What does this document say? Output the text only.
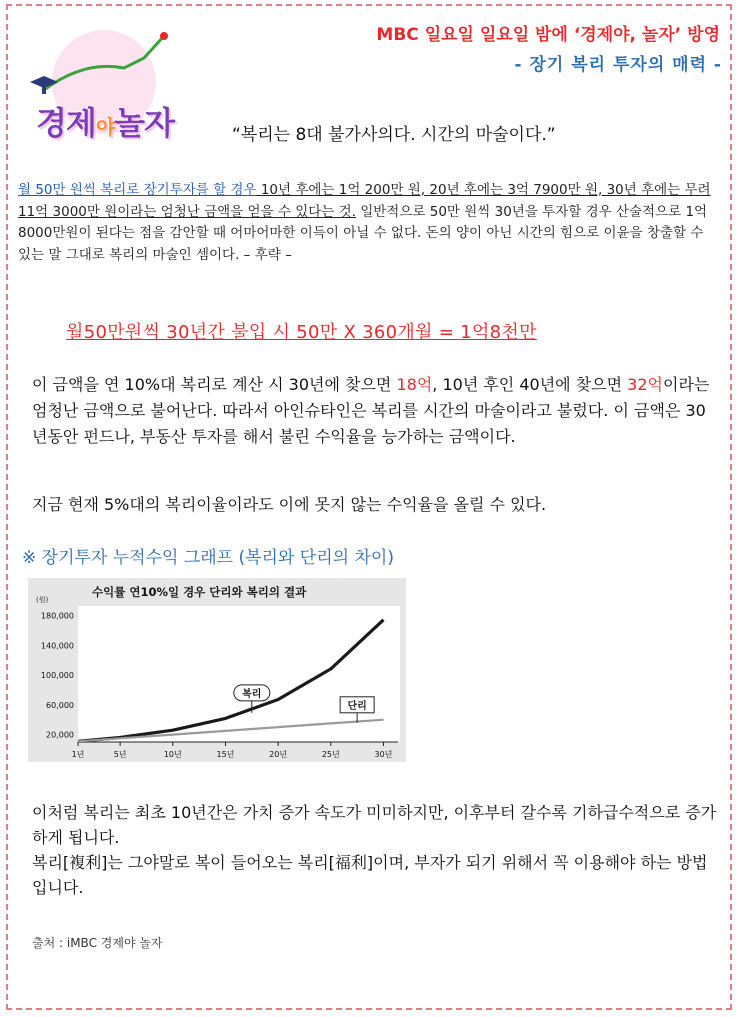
경제야놀자
MBC 일요일 일요일 밤에 ‘경제야, 놀자’ 방영
- 장기 복리 투자의 매력 -
“복리는 8대 불가사의다. 시간의 마술이다.”
월 50만 원씩 복리로 장기투자를 할 경우 10년 후에는 1억 200만 원, 20년 후에는 3억 7900만 원, 30년 후에는 무려 11억 3000만 원이라는 엄청난 금액을 얻을 수 있다는 것. 일반적으로 50만 원씩 30년을 투자할 경우 산술적으로 1억 8000만원이 된다는 점을 감안할 때 어마어마한 이득이 아닐 수 없다. 돈의 양이 아닌 시간의 힘으로 이윤을 창출할 수 있는 말 그대로 복리의 마술인 셈이다. – 후략 –
월50만원씩 30년간 불입 시 50만 X 360개월 = 1억8천만
이 금액을 연 10%대 복리로 계산 시 30년에 찾으면 18억, 10년 후인 40년에 찾으면 32억이라는 엄청난 금액으로 불어난다. 따라서 아인슈타인은 복리를 시간의 마술이라고 불렀다. 이 금액은 30년동안 펀드나, 부동산 투자를 해서 불린 수익율을 능가하는 금액이다.
지금 현재 5%대의 복리이율이라도 이에 못지 않는 수익율을 올릴 수 있다.
※ 장기투자 누적수익 그래프 (복리와 단리의 차이)
수익률 연10%일 경우 단리와 복리의 결과
(원)
180,000
140,000
100,000
60,000
20,000
1년	5년	10년	15년	20년	25년	30년
복리
단리
이처럼 복리는 최초 10년간은 가치 증가 속도가 미미하지만, 이후부터 갈수록 기하급수적으로 증가하게 됩니다.
복리[複利]는 그야말로 복이 들어오는 복리[福利]이며, 부자가 되기 위해서 꼭 이용해야 하는 방법입니다.
출처 : iMBC 경제야 놀자
